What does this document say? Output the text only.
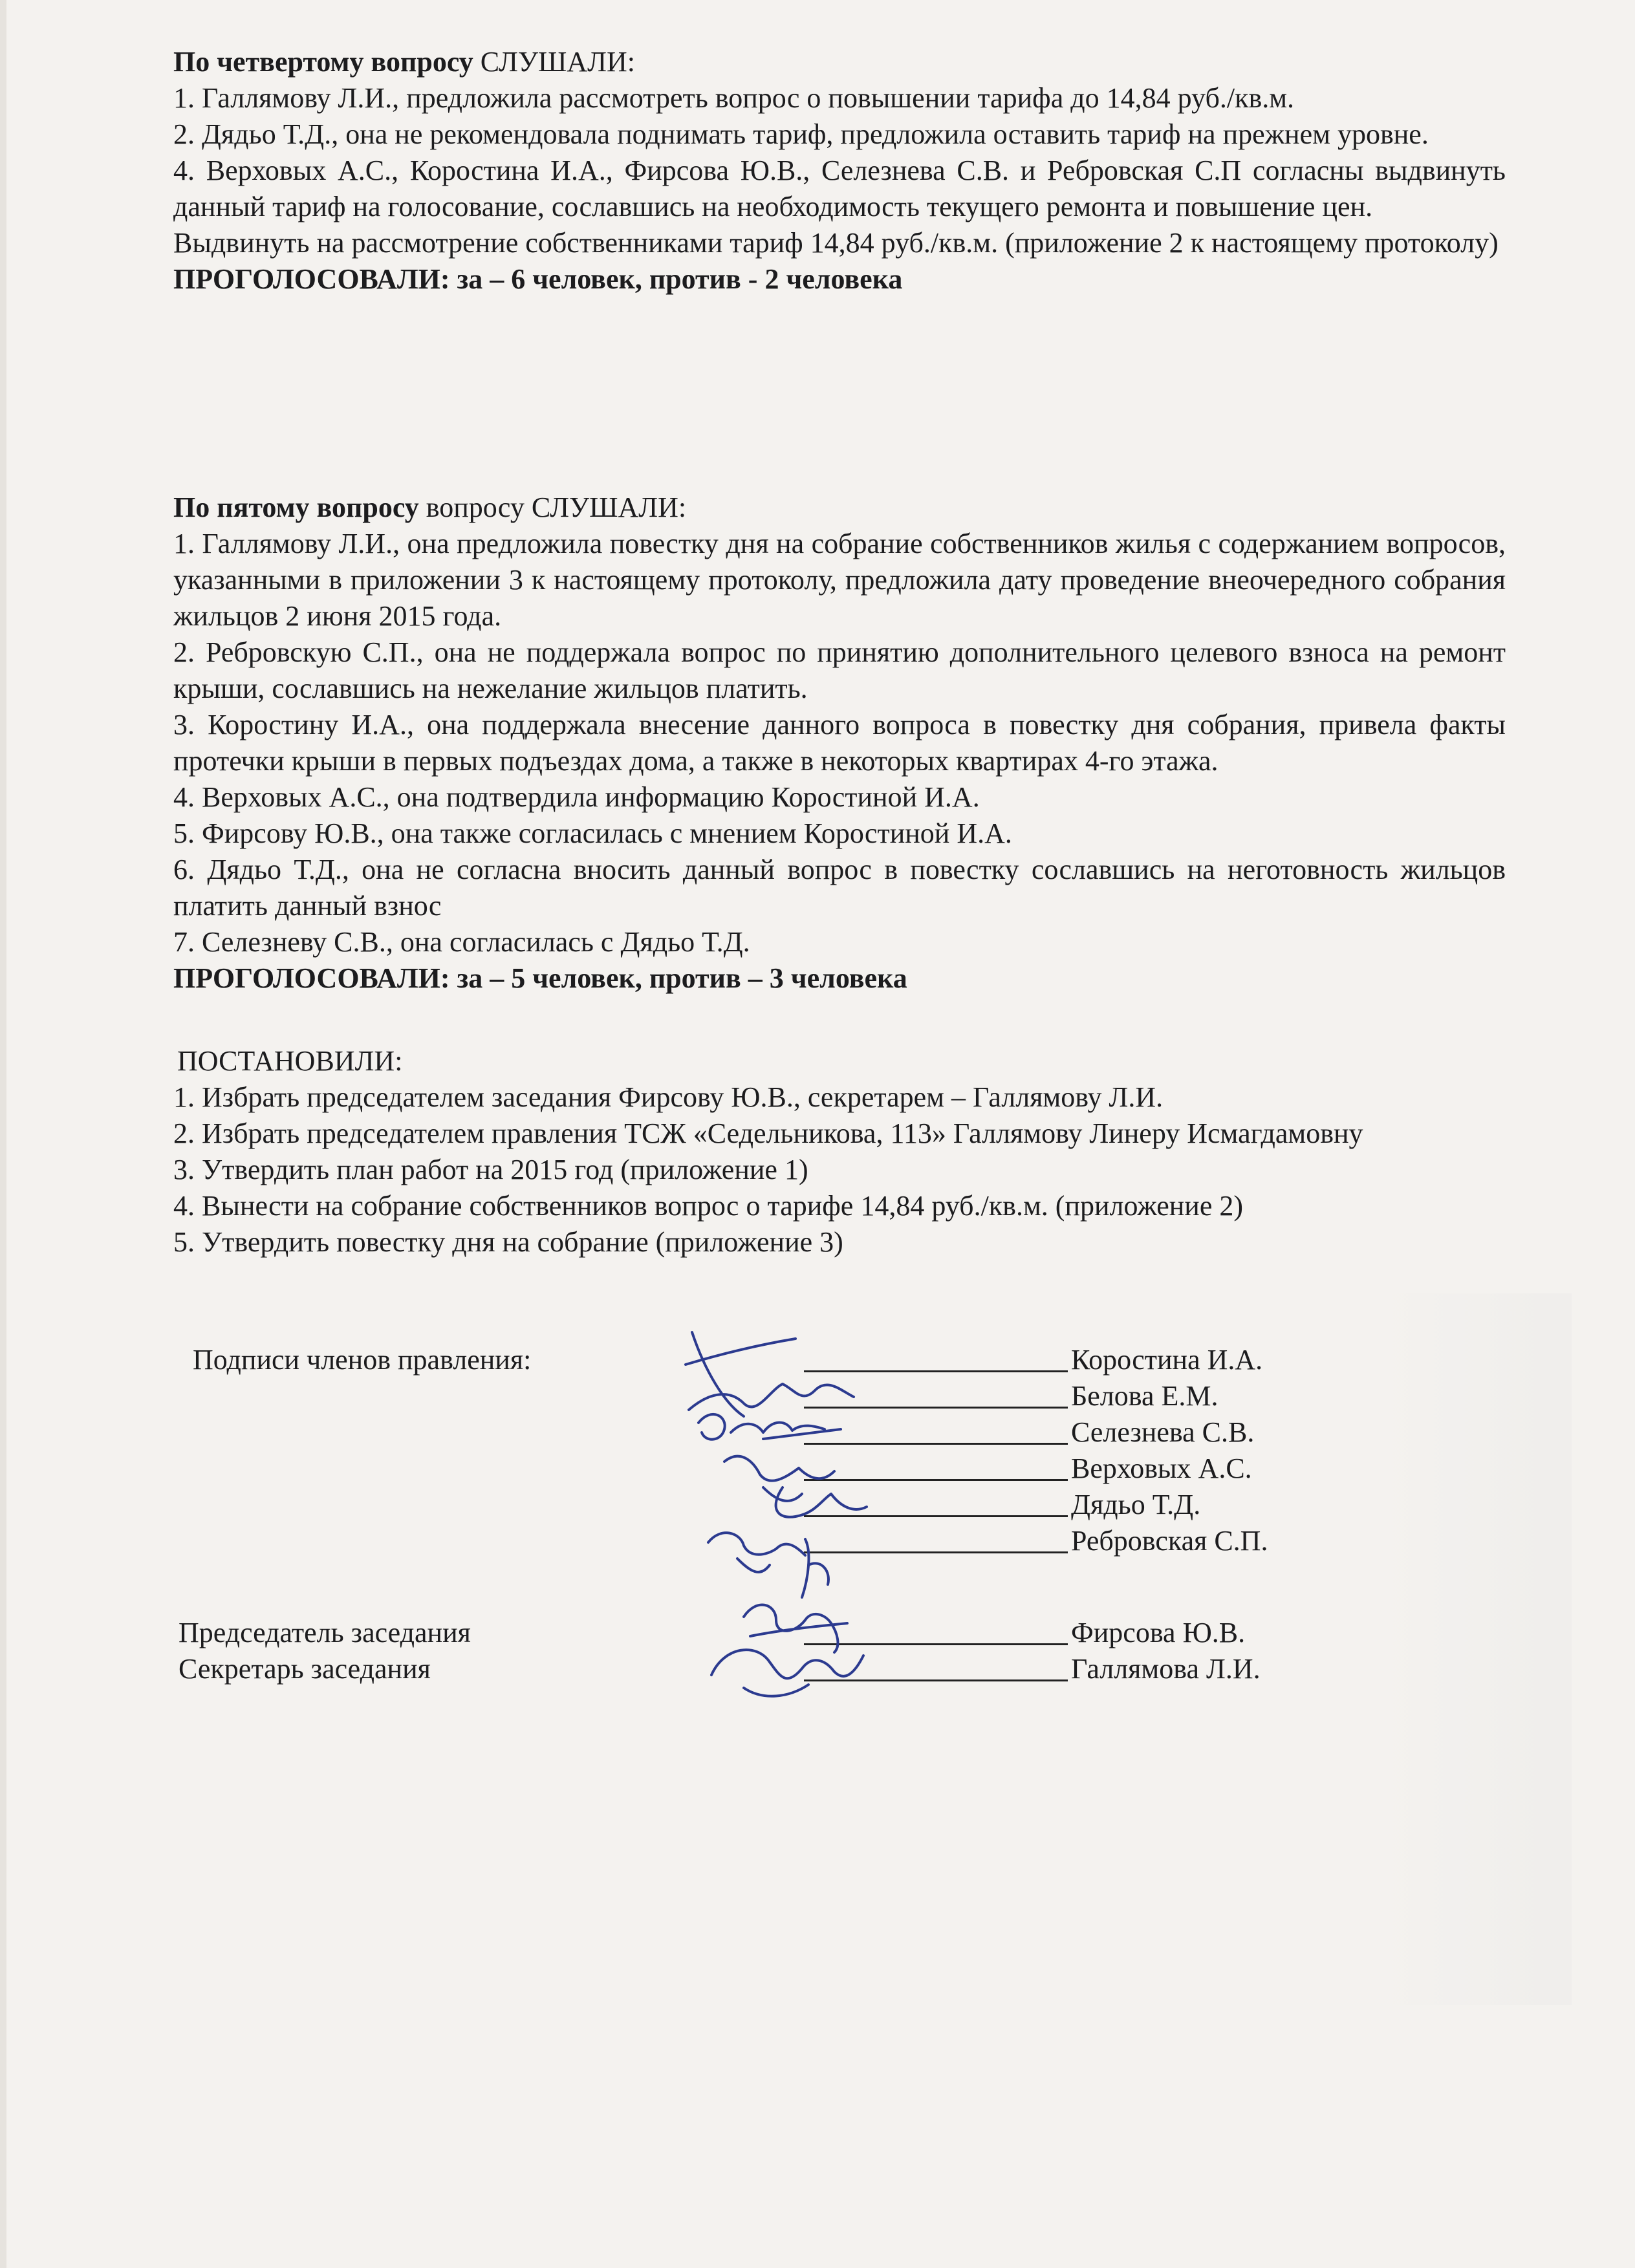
По четвертому вопросу СЛУШАЛИ:

1. Галлямову Л.И., предложила рассмотреть вопрос о повышении тарифа до 14,84 руб./кв.м.

2. Дядьо Т.Д., она не рекомендовала поднимать тариф, предложила оставить тариф на прежнем уровне.

4. Верховых А.С., Коростина И.А., Фирсова Ю.В., Селезнева С.В. и Ребровская С.П согласны выдвинуть данный тариф на голосование, сославшись на необходимость текущего ремонта и повышение цен.

Выдвинуть на рассмотрение собственниками тариф 14,84 руб./кв.м. (приложение 2 к настоящему протоколу)

ПРОГОЛОСОВАЛИ: за – 6 человек, против - 2 человека

По пятому вопросу вопросу СЛУШАЛИ:

1. Галлямову Л.И., она предложила повестку дня на собрание собственников жилья с содержанием вопросов, указанными в приложении 3 к настоящему протоколу, предложила дату проведение внеочередного собрания жильцов 2 июня 2015 года.

2. Ребровскую С.П., она не поддержала вопрос по принятию дополнительного целевого взноса на ремонт крыши, сославшись на нежелание жильцов платить.

3. Коростину И.А., она поддержала внесение данного вопроса в повестку дня собрания, привела факты протечки крыши в первых подъездах дома, а также в некоторых квартирах 4-го этажа.

4. Верховых А.С., она подтвердила информацию Коростиной И.А.

5. Фирсову Ю.В., она также согласилась с мнением Коростиной И.А.

6. Дядьо Т.Д., она не согласна вносить данный вопрос в повестку сославшись на неготовность жильцов платить данный взнос

7. Селезневу С.В., она согласилась с Дядьо Т.Д.

ПРОГОЛОСОВАЛИ: за – 5 человек, против – 3 человека

ПОСТАНОВИЛИ:

1. Избрать председателем заседания Фирсову Ю.В., секретарем – Галлямову Л.И.

2. Избрать председателем правления ТСЖ «Седельникова, 113» Галлямову Линеру Исмагдамовну

3. Утвердить план работ на 2015 год (приложение 1)

4. Вынести на собрание собственников вопрос о тарифе 14,84 руб./кв.м. (приложение 2)

5. Утвердить повестку дня на собрание (приложение 3)

Подписи членов правления:	Коростина И.А.
Белова Е.М.
Селезнева С.В.
Верховых А.С.
Дядьо Т.Д.
Ребровская С.П.
Председатель заседания	Фирсова Ю.В.
Секретарь заседания	Галлямова Л.И.
